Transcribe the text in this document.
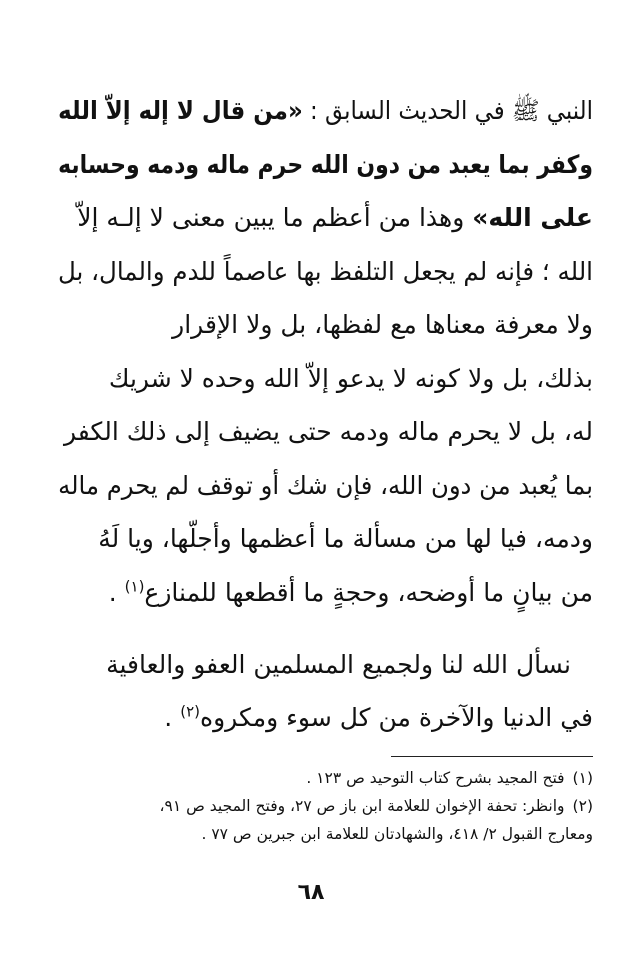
النبي ﷺ في الحديث السابق : «من قال لا إله إلاّ الله
وكفر بما يعبد من دون الله حرم ماله ودمه وحسابه
على الله» وهذا من أعظم ما يبين معنى لا إلـه إلاّ
الله ؛ فإنه لم يجعل التلفظ بها عاصماً للدم والمال، بل
ولا معرفة معناها مع لفظها، بل ولا الإقرار
بذلك، بل ولا كونه لا يدعو إلاّ الله وحده لا شريك
له، بل لا يحرم ماله ودمه حتى يضيف إلى ذلك الكفر
بما يُعبد من دون الله، فإن شك أو توقف لم يحرم ماله
ودمه، فيا لها من مسألة ما أعظمها وأجلّها، ويا لَهُ
من بيانٍ ما أوضحه، وحجةٍ ما أقطعها للمنازع$^{(١)}$ .
نسأل الله لنا ولجميع المسلمين العفو والعافية
في الدنيا والآخرة من كل سوء ومكروه$^{(٢)}$ .
(١)فتح المجيد بشرح كتاب التوحيد ص ١٢٣ .
(٢)وانظر: تحفة الإخوان للعلامة ابن باز ص ٢٧، وفتح المجيد ص ٩١،
ومعارج القبول ٢/ ٤١٨، والشهادتان للعلامة ابن جبرين ص ٧٧ .
٦٨
